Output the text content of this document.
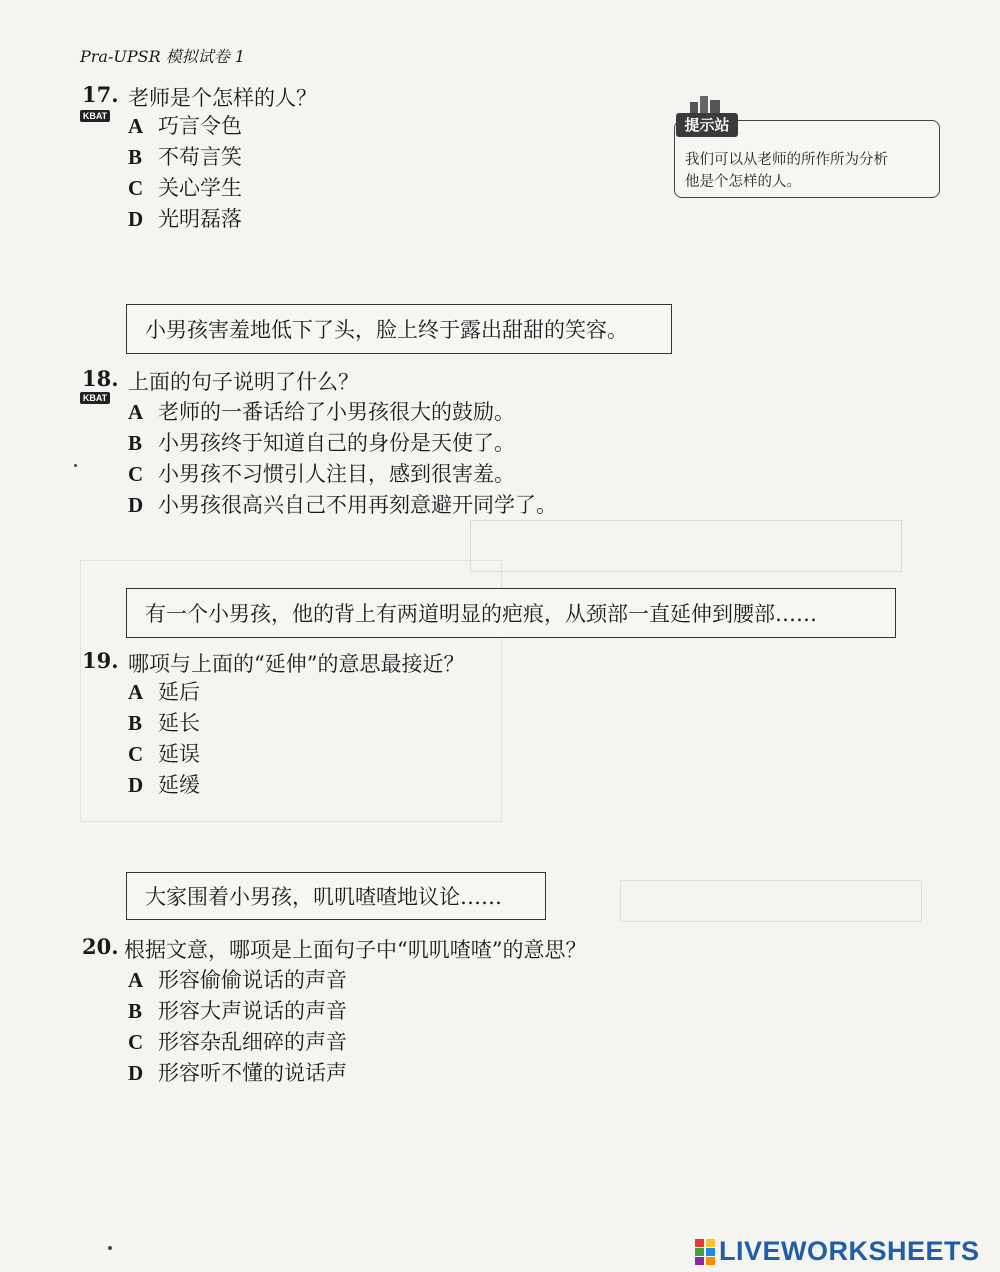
Pra-UPSR 模拟试卷 1
我们可以从老师的所作所为分析
他是个怎样的人。
提示站
17. 老师是个怎样的人？
KBAT A 巧言令色
B 不苟言笑
C 关心学生
D 光明磊落
小男孩害羞地低下了头，脸上终于露出甜甜的笑容。
18. 上面的句子说明了什么？
KBAT
A 老师的一番话给了小男孩很大的鼓励。
B 小男孩终于知道自己的身份是天使了。
C 小男孩不习惯引人注目，感到很害羞。
D 小男孩很高兴自己不用再刻意避开同学了。
有一个小男孩，他的背上有两道明显的疤痕，从颈部一直延伸到腰部……
19. 哪项与上面的“延伸”的意思最接近？
A 延后
B 延长
C 延误
D 延缓
大家围着小男孩，叽叽喳喳地议论……
20. 根据文意，哪项是上面句子中“叽叽喳喳”的意思？
A 形容偷偷说话的声音
B 形容大声说话的声音
C 形容杂乱细碎的声音
D 形容听不懂的说话声
LIVEWORKSHEETS
